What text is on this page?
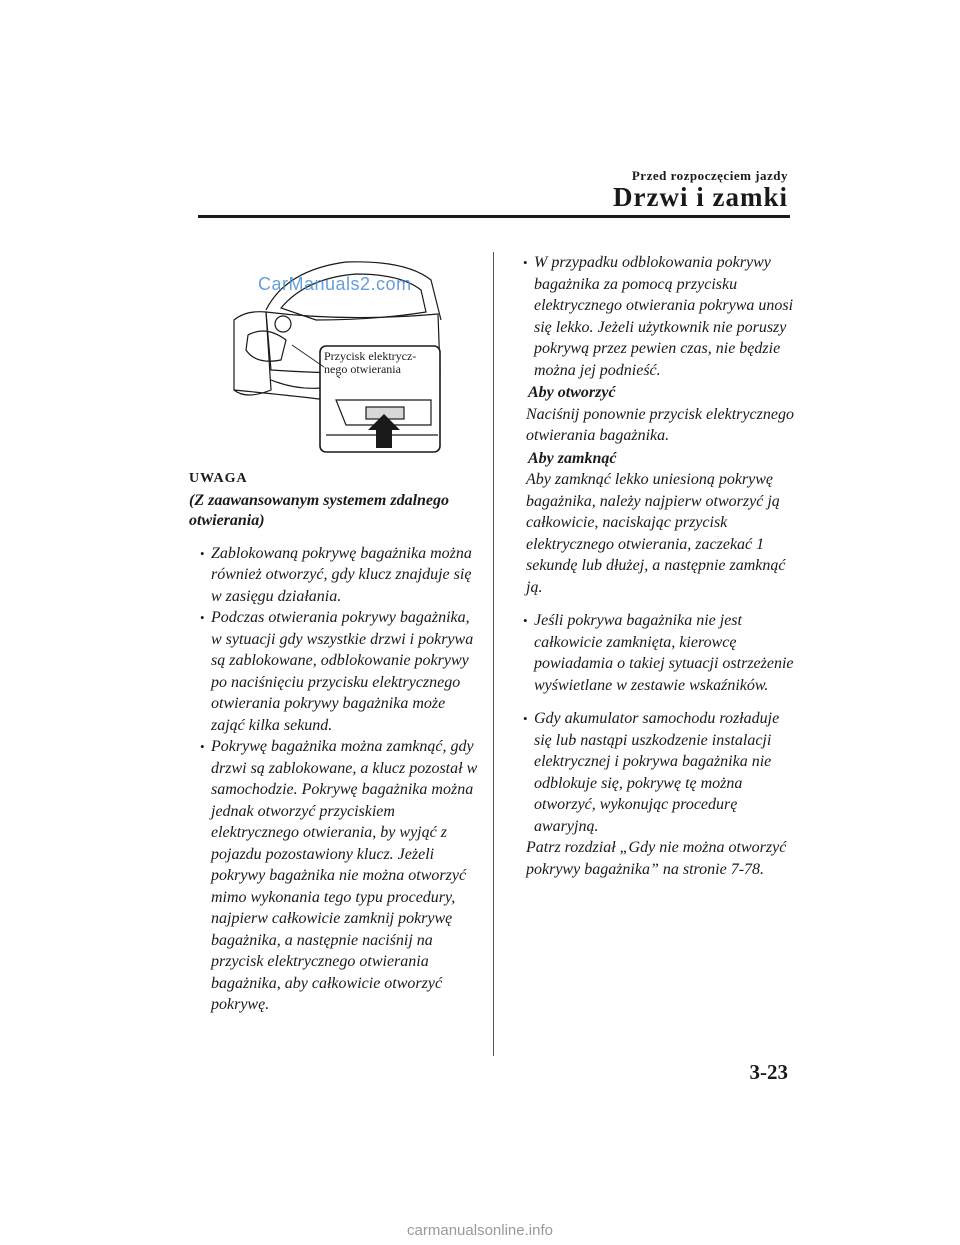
Przed rozpoczęciem jazdy
Drzwi i zamki
CarManuals2.com
Przycisk elektrycz-
nego otwierania
UWAGA
(Z zaawansowanym systemem zdalnego otwierania)
• Zablokowaną pokrywę bagażnika można również otworzyć, gdy klucz znajduje się w zasięgu działania.
• Podczas otwierania pokrywy bagażnika, w sytuacji gdy wszystkie drzwi i pokrywa są zablokowane, odblokowanie pokrywy po naciśnięciu przycisku elektrycznego otwierania pokrywy bagażnika może zająć kilka sekund.
• Pokrywę bagażnika można zamknąć, gdy drzwi są zablokowane, a klucz pozostał w samochodzie. Pokrywę bagażnika można jednak otworzyć przyciskiem elektrycznego otwierania, by wyjąć z pojazdu pozostawiony klucz. Jeżeli pokrywy bagażnika nie można otworzyć mimo wykonania tego typu procedury, najpierw całkowicie zamknij pokrywę bagażnika, a następnie naciśnij na przycisk elektrycznego otwierania bagażnika, aby całkowicie otworzyć pokrywę.
• W przypadku odblokowania pokrywy bagażnika za pomocą przycisku elektrycznego otwierania pokrywa unosi się lekko. Jeżeli użytkownik nie poruszy pokrywą przez pewien czas, nie będzie można jej podnieść.
Aby otworzyć
Naciśnij ponownie przycisk elektrycznego otwierania bagażnika.
Aby zamknąć
Aby zamknąć lekko uniesioną pokrywę bagażnika, należy najpierw otworzyć ją całkowicie, naciskając przycisk elektrycznego otwierania, zaczekać 1 sekundę lub dłużej, a następnie zamknąć ją.
• Jeśli pokrywa bagażnika nie jest całkowicie zamknięta, kierowcę powiadamia o takiej sytuacji ostrzeżenie wyświetlane w zestawie wskaźników.
• Gdy akumulator samochodu rozładuje się lub nastąpi uszkodzenie instalacji elektrycznej i pokrywa bagażnika nie odblokuje się, pokrywę tę można otworzyć, wykonując procedurę awaryjną.
Patrz rozdział „Gdy nie można otworzyć pokrywy bagażnika” na stronie 7-78.
3-23
carmanualsonline.info
